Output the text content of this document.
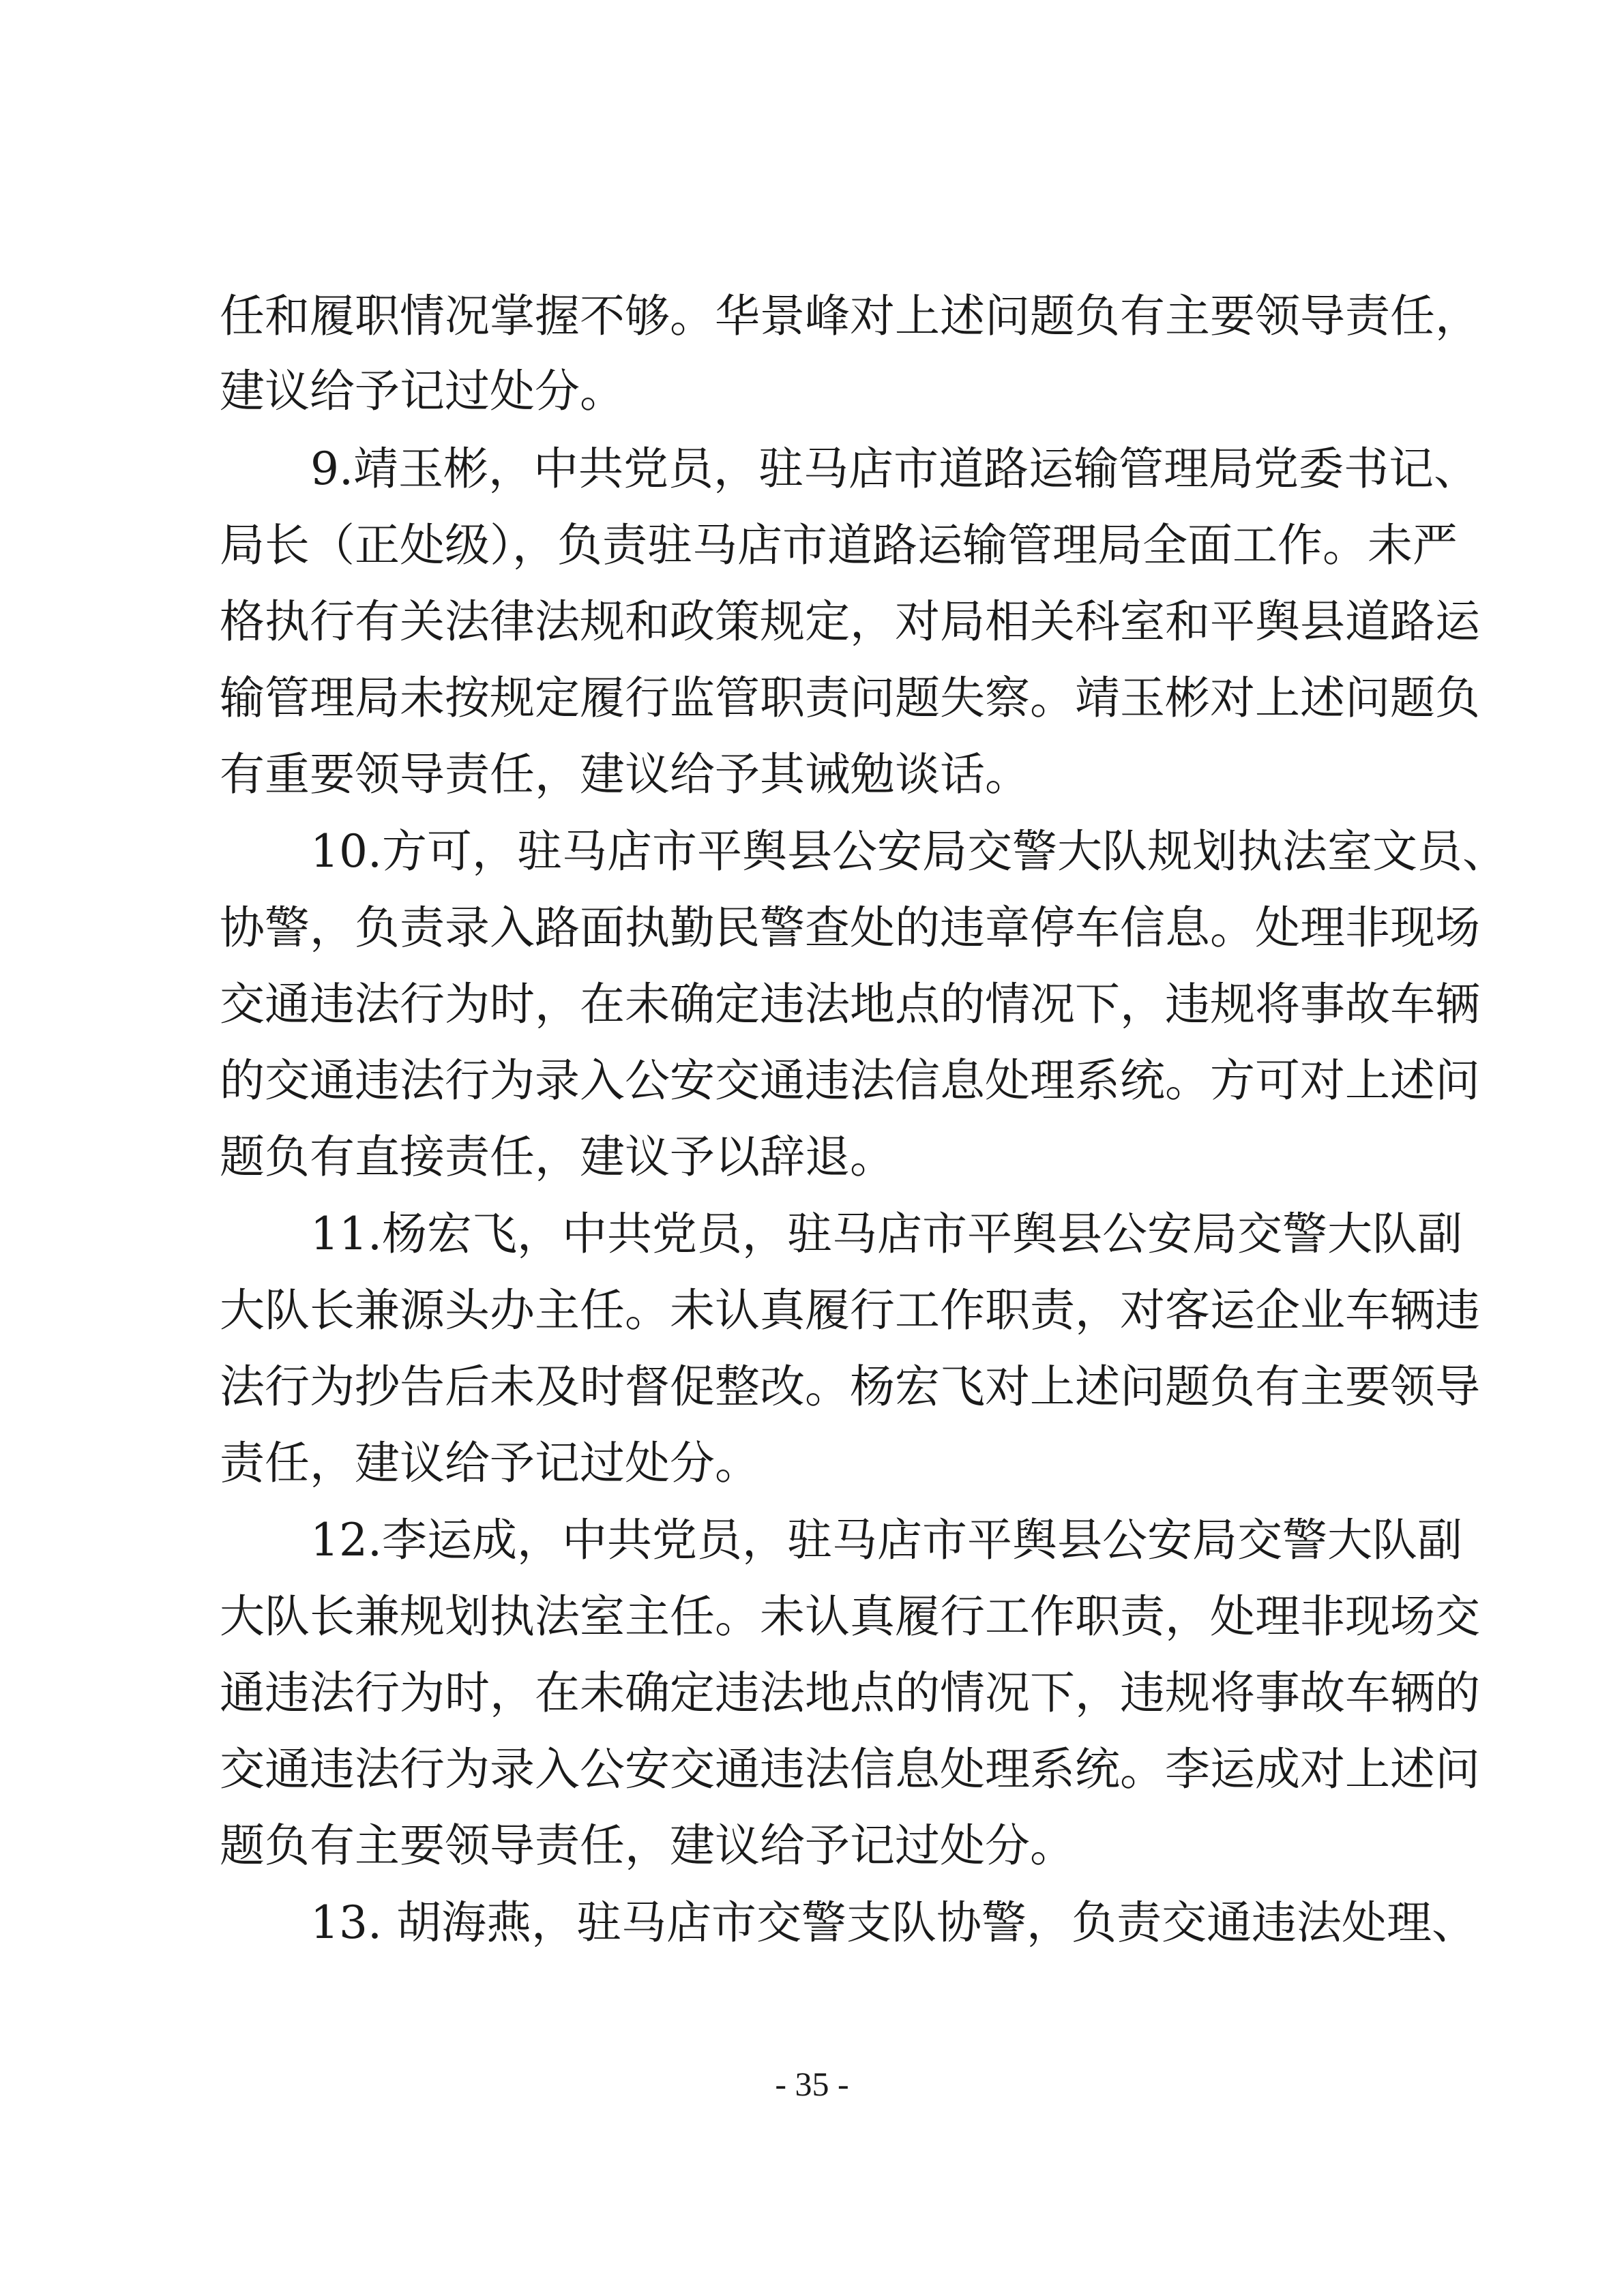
任和履职情况掌握不够。华景峰对上述问题负有主要领导责任，
建议给予记过处分。
9.靖玉彬，中共党员，驻马店市道路运输管理局党委书记、
局长（正处级），负责驻马店市道路运输管理局全面工作。未严
格执行有关法律法规和政策规定，对局相关科室和平舆县道路运
输管理局未按规定履行监管职责问题失察。靖玉彬对上述问题负
有重要领导责任，建议给予其诫勉谈话。
10.方可，驻马店市平舆县公安局交警大队规划执法室文员、
协警，负责录入路面执勤民警查处的违章停车信息。处理非现场
交通违法行为时，在未确定违法地点的情况下，违规将事故车辆
的交通违法行为录入公安交通违法信息处理系统。方可对上述问
题负有直接责任，建议予以辞退。
11.杨宏飞，中共党员，驻马店市平舆县公安局交警大队副
大队长兼源头办主任。未认真履行工作职责，对客运企业车辆违
法行为抄告后未及时督促整改。杨宏飞对上述问题负有主要领导
责任，建议给予记过处分。
12.李运成，中共党员，驻马店市平舆县公安局交警大队副
大队长兼规划执法室主任。未认真履行工作职责，处理非现场交
通违法行为时，在未确定违法地点的情况下，违规将事故车辆的
交通违法行为录入公安交通违法信息处理系统。李运成对上述问
题负有主要领导责任，建议给予记过处分。
13. 胡海燕，驻马店市交警支队协警，负责交通违法处理、
- 35 -
